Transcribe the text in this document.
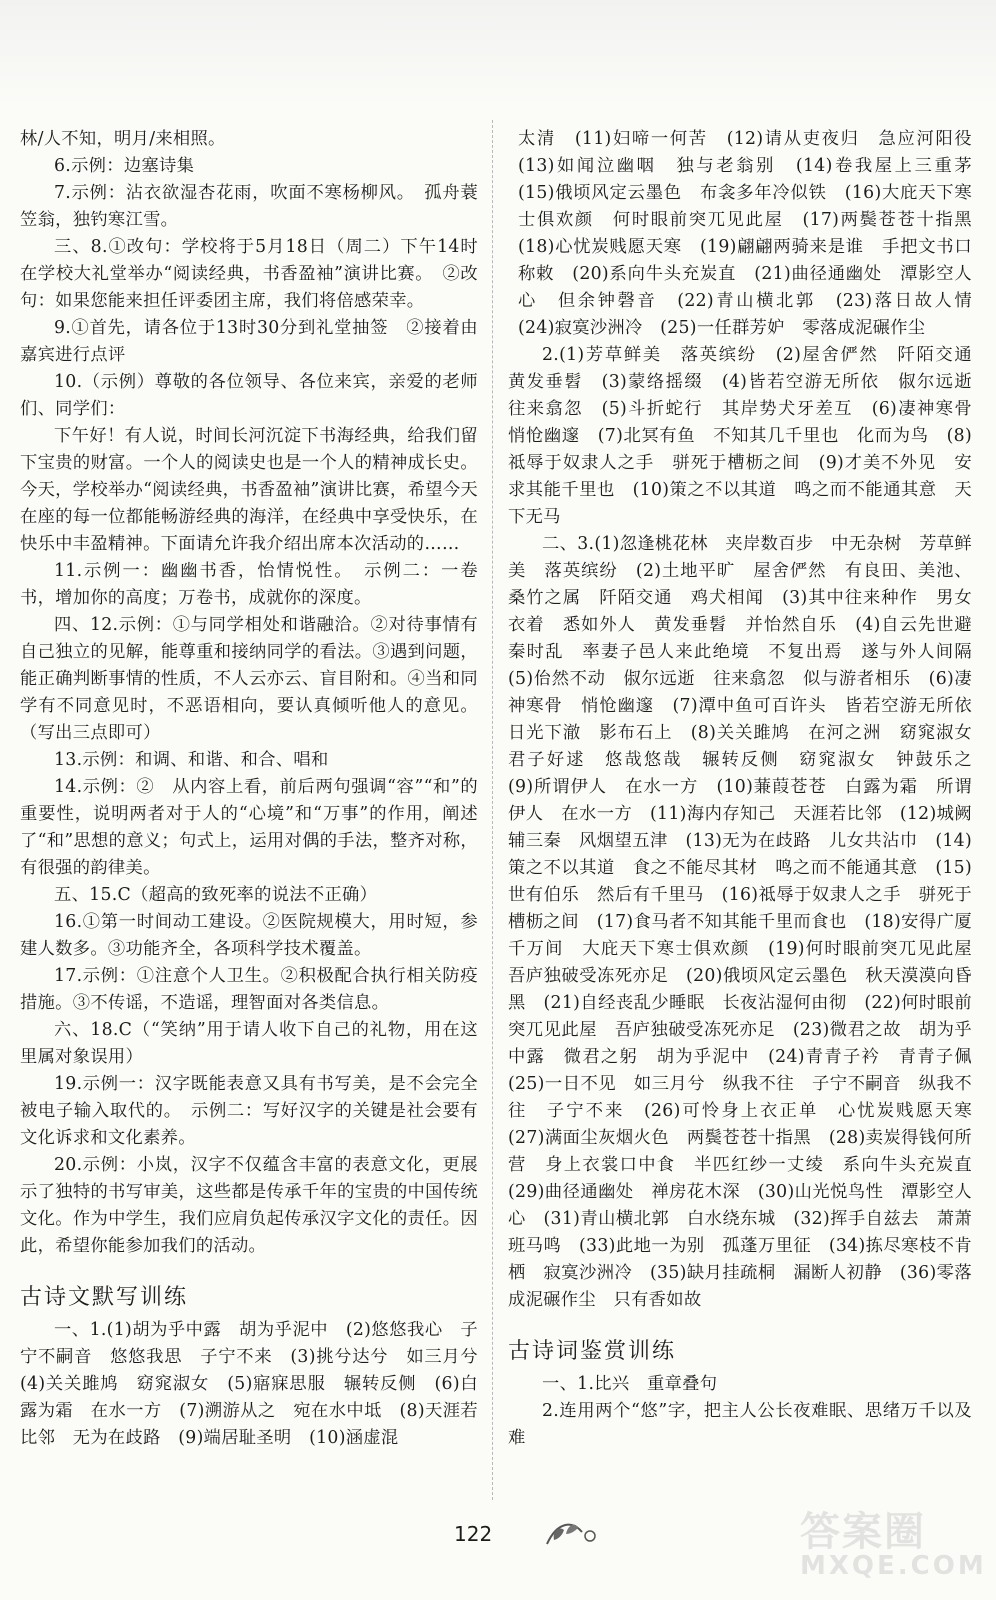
林/人不知，明月/来相照。

6.示例：边塞诗集

7.示例：沾衣欲湿杏花雨，吹面不寒杨柳风。　孤舟蓑笠翁，独钓寒江雪。

三、8.①改句：学校将于5月18日（周二）下午14时在学校大礼堂举办“阅读经典，书香盈袖”演讲比赛。　②改句：如果您能来担任评委团主席，我们将倍感荣幸。

9.①首先，请各位于13时30分到礼堂抽签　②接着由嘉宾进行点评

10.（示例）尊敬的各位领导、各位来宾，亲爱的老师们、同学们：

下午好！有人说，时间长河沉淀下书海经典，给我们留下宝贵的财富。一个人的阅读史也是一个人的精神成长史。今天，学校举办“阅读经典，书香盈袖”演讲比赛，希望今天在座的每一位都能畅游经典的海洋，在经典中享受快乐，在快乐中丰盈精神。下面请允许我介绍出席本次活动的……

11.示例一：幽幽书香，怡情悦性。　示例二：一卷书，增加你的高度；万卷书，成就你的深度。

四、12.示例：①与同学相处和谐融洽。②对待事情有自己独立的见解，能尊重和接纳同学的看法。③遇到问题，能正确判断事情的性质，不人云亦云、盲目附和。④当和同学有不同意见时，不恶语相向，要认真倾听他人的意见。（写出三点即可）

13.示例：和调、和谐、和合、唱和

14.示例：②　从内容上看，前后两句强调“容”“和”的重要性，说明两者对于人的“心境”和“万事”的作用，阐述了“和”思想的意义；句式上，运用对偶的手法，整齐对称，有很强的韵律美。

五、15.C（超高的致死率的说法不正确）

16.①第一时间动工建设。②医院规模大，用时短，参建人数多。③功能齐全，各项科学技术覆盖。

17.示例：①注意个人卫生。②积极配合执行相关防疫措施。③不传谣，不造谣，理智面对各类信息。

六、18.C（“笑纳”用于请人收下自己的礼物，用在这里属对象误用）

19.示例一：汉字既能表意又具有书写美，是不会完全被电子输入取代的。　示例二：写好汉字的关键是社会要有文化诉求和文化素养。

20.示例：小岚，汉字不仅蕴含丰富的表意文化，更展示了独特的书写审美，这些都是传承千年的宝贵的中国传统文化。作为中学生，我们应肩负起传承汉字文化的责任。因此，希望你能参加我们的活动。

古诗文默写训练

一、1.(1)胡为乎中露　胡为乎泥中　(2)悠悠我心　子宁不嗣音　悠悠我思　子宁不来　(3)挑兮达兮　如三月兮　(4)关关雎鸠　窈窕淑女　(5)寤寐思服　辗转反侧　(6)白露为霜　在水一方　(7)溯游从之　宛在水中坻　(8)天涯若比邻　无为在歧路　(9)端居耻圣明　(10)涵虚混

太清　(11)妇啼一何苦　(12)请从吏夜归　急应河阳役　(13)如闻泣幽咽　独与老翁别　(14)卷我屋上三重茅　(15)俄顷风定云墨色　布衾多年冷似铁　(16)大庇天下寒士俱欢颜　何时眼前突兀见此屋　(17)两鬓苍苍十指黑　(18)心忧炭贱愿天寒　(19)翩翩两骑来是谁　手把文书口称敕　(20)系向牛头充炭直　(21)曲径通幽处　潭影空人心　但余钟磬音　(22)青山横北郭　(23)落日故人情　(24)寂寞沙洲冷　(25)一任群芳妒　零落成泥碾作尘

2.(1)芳草鲜美　落英缤纷　(2)屋舍俨然　阡陌交通　黄发垂髫　(3)蒙络摇缀　(4)皆若空游无所依　俶尔远逝　往来翕忽　(5)斗折蛇行　其岸势犬牙差互　(6)凄神寒骨　悄怆幽邃　(7)北冥有鱼　不知其几千里也　化而为鸟　(8)祗辱于奴隶人之手　骈死于槽枥之间　(9)才美不外见　安求其能千里也　(10)策之不以其道　鸣之而不能通其意　天下无马

二、3.(1)忽逢桃花林　夹岸数百步　中无杂树　芳草鲜美　落英缤纷　(2)土地平旷　屋舍俨然　有良田、美池、桑竹之属　阡陌交通　鸡犬相闻　(3)其中往来种作　男女衣着　悉如外人　黄发垂髫　并怡然自乐　(4)自云先世避秦时乱　率妻子邑人来此绝境　不复出焉　遂与外人间隔　(5)佁然不动　俶尔远逝　往来翕忽　似与游者相乐　(6)凄神寒骨　悄怆幽邃　(7)潭中鱼可百许头　皆若空游无所依　日光下澈　影布石上　(8)关关雎鸠　在河之洲　窈窕淑女　君子好逑　悠哉悠哉　辗转反侧　窈窕淑女　钟鼓乐之　(9)所谓伊人　在水一方　(10)蒹葭苍苍　白露为霜　所谓伊人　在水一方　(11)海内存知己　天涯若比邻　(12)城阙辅三秦　风烟望五津　(13)无为在歧路　儿女共沾巾　(14)策之不以其道　食之不能尽其材　鸣之而不能通其意　(15)世有伯乐　然后有千里马　(16)祗辱于奴隶人之手　骈死于槽枥之间　(17)食马者不知其能千里而食也　(18)安得广厦千万间　大庇天下寒士俱欢颜　(19)何时眼前突兀见此屋　吾庐独破受冻死亦足　(20)俄顷风定云墨色　秋天漠漠向昏黑　(21)自经丧乱少睡眠　长夜沾湿何由彻　(22)何时眼前突兀见此屋　吾庐独破受冻死亦足　(23)微君之故　胡为乎中露　微君之躬　胡为乎泥中　(24)青青子衿　青青子佩　(25)一日不见　如三月兮　纵我不往　子宁不嗣音　纵我不往　子宁不来　(26)可怜身上衣正单　心忧炭贱愿天寒　(27)满面尘灰烟火色　两鬓苍苍十指黑　(28)卖炭得钱何所营　身上衣裳口中食　半匹红纱一丈绫　系向牛头充炭直　(29)曲径通幽处　禅房花木深　(30)山光悦鸟性　潭影空人心　(31)青山横北郭　白水绕东城　(32)挥手自兹去　萧萧班马鸣　(33)此地一为别　孤蓬万里征　(34)拣尽寒枝不肯栖　寂寞沙洲冷　(35)缺月挂疏桐　漏断人初静　(36)零落成泥碾作尘　只有香如故

古诗词鉴赏训练

一、1.比兴　重章叠句

2.连用两个“悠”字，把主人公长夜难眠、思绪万千以及难

122	答案圈
MXQE.COM
